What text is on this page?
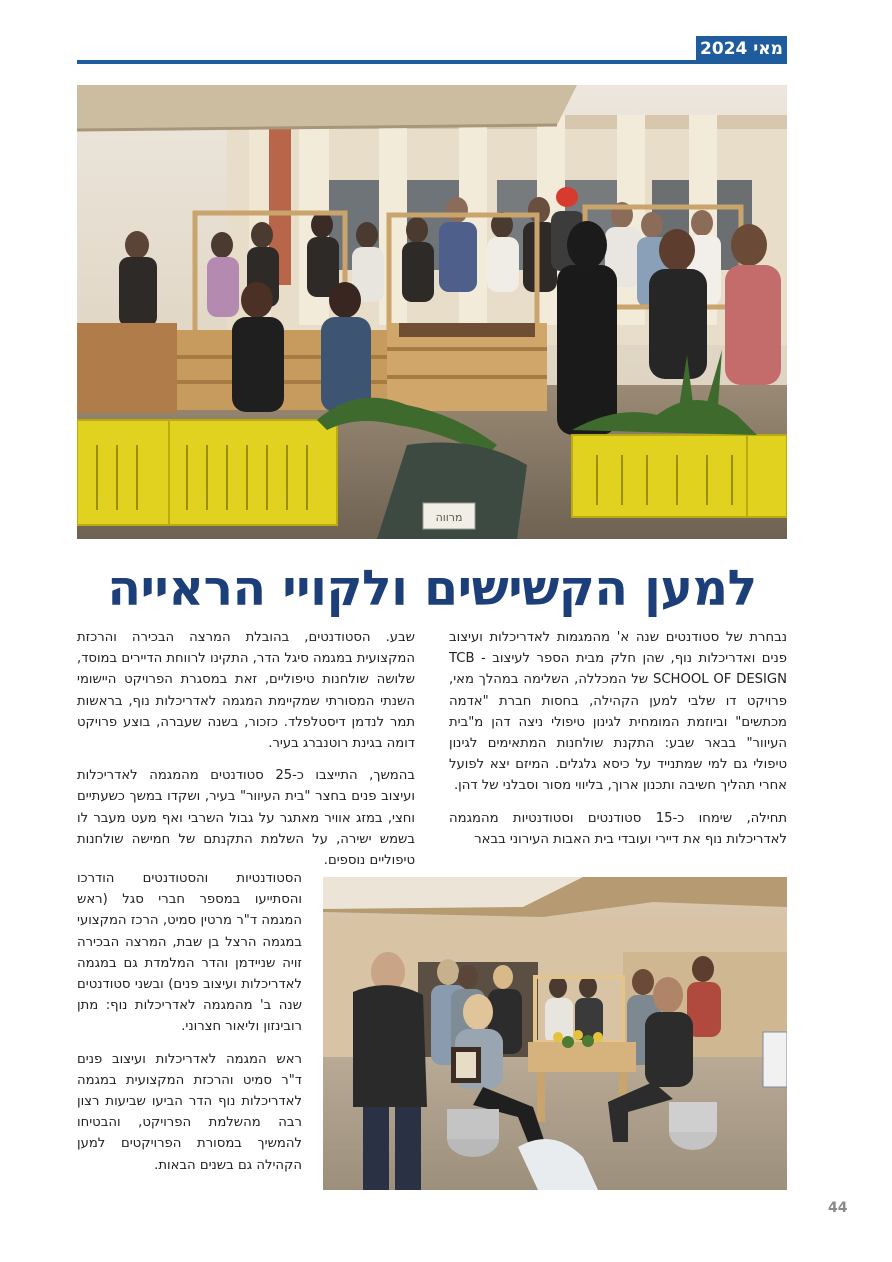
מאי 2024
מרווה
למען הקשישים ולקויי הראייה

נבחרת של סטודנטים שנה א' מהמגמות לאדריכלות ועיצוב פנים ואדריכלות נוף, שהן חלק מבית הספר לעיצוב TCB - SCHOOL OF DESIGN של המכללה, השלימה במהלך מאי, פרויקט דו שלבי למען הקהילה, בחסות חברת "אדמה מכתשים" וביוזמת המומחית לגינון טיפולי ניצה דהן מ"בית העיוור" בבאר שבע: התקנת שולחנות המתאימים לגינון טיפולי גם למי שמתנייד על כיסא גלגלים. המיזם יצא לפועל אחרי תהליך חשיבה ותכנון ארוך, בליווי מסור וסבלני של דהן.

תחילה, שימחו כ-15 סטודנטים וסטודנטיות מהמגמה לאדריכלות נוף את דיירי ועובדי בית האבות העירוני בבאר

שבע. הסטודנטים, בהובלת המרצה הבכירה והרכזת המקצועית במגמה סיגל הדר, התקינו לרווחת הדיירים במוסד, שלושה שולחנות טיפוליים, זאת במסגרת הפרויקט היישומי השנתי המסורתי שמקיימת המגמה לאדריכלות נוף, בראשות תמר לנדמן דיסטלפלד. כזכור, בשנה שעברה, בוצע פרויקט דומה בגינת רוטנברג בעיר.

בהמשך, התייצבו כ-25 סטודנטים מהמגמה לאדריכלות ועיצוב פנים בחצר "בית העיוור" בעיר, ושקדו במשך כשעתיים וחצי, במזג אוויר מאתגר על גבול השרבי ואף מעט מעבר לו בשמש ישירה, על השלמת התקנתם של חמישה שולחנות טיפוליים נוספים.

הסטודנטיות והסטודנטים הודרכו והסתייעו במספר חברי סגל (ראש המגמה ד"ר מרטין סמיט, הרכז המקצועי במגמה הרצל בן שבת, המרצה הבכירה זויה שניידמן והדר המלמדת גם במגמה לאדריכלות ועיצוב פנים) ובשני סטודנטים שנה ב' מהמגמה לאדריכלות נוף: מתן רובינזון וליאור חצרוני.

ראש המגמה לאדריכלות ועיצוב פנים ד"ר סמיט והרכזת המקצועית במגמה לאדריכלות נוף הדר הביעו שביעות רצון רבה מהשלמת הפרויקט, והבטיחו להמשיך במסורת הפרויקטים למען הקהילה גם בשנים הבאות.

44
